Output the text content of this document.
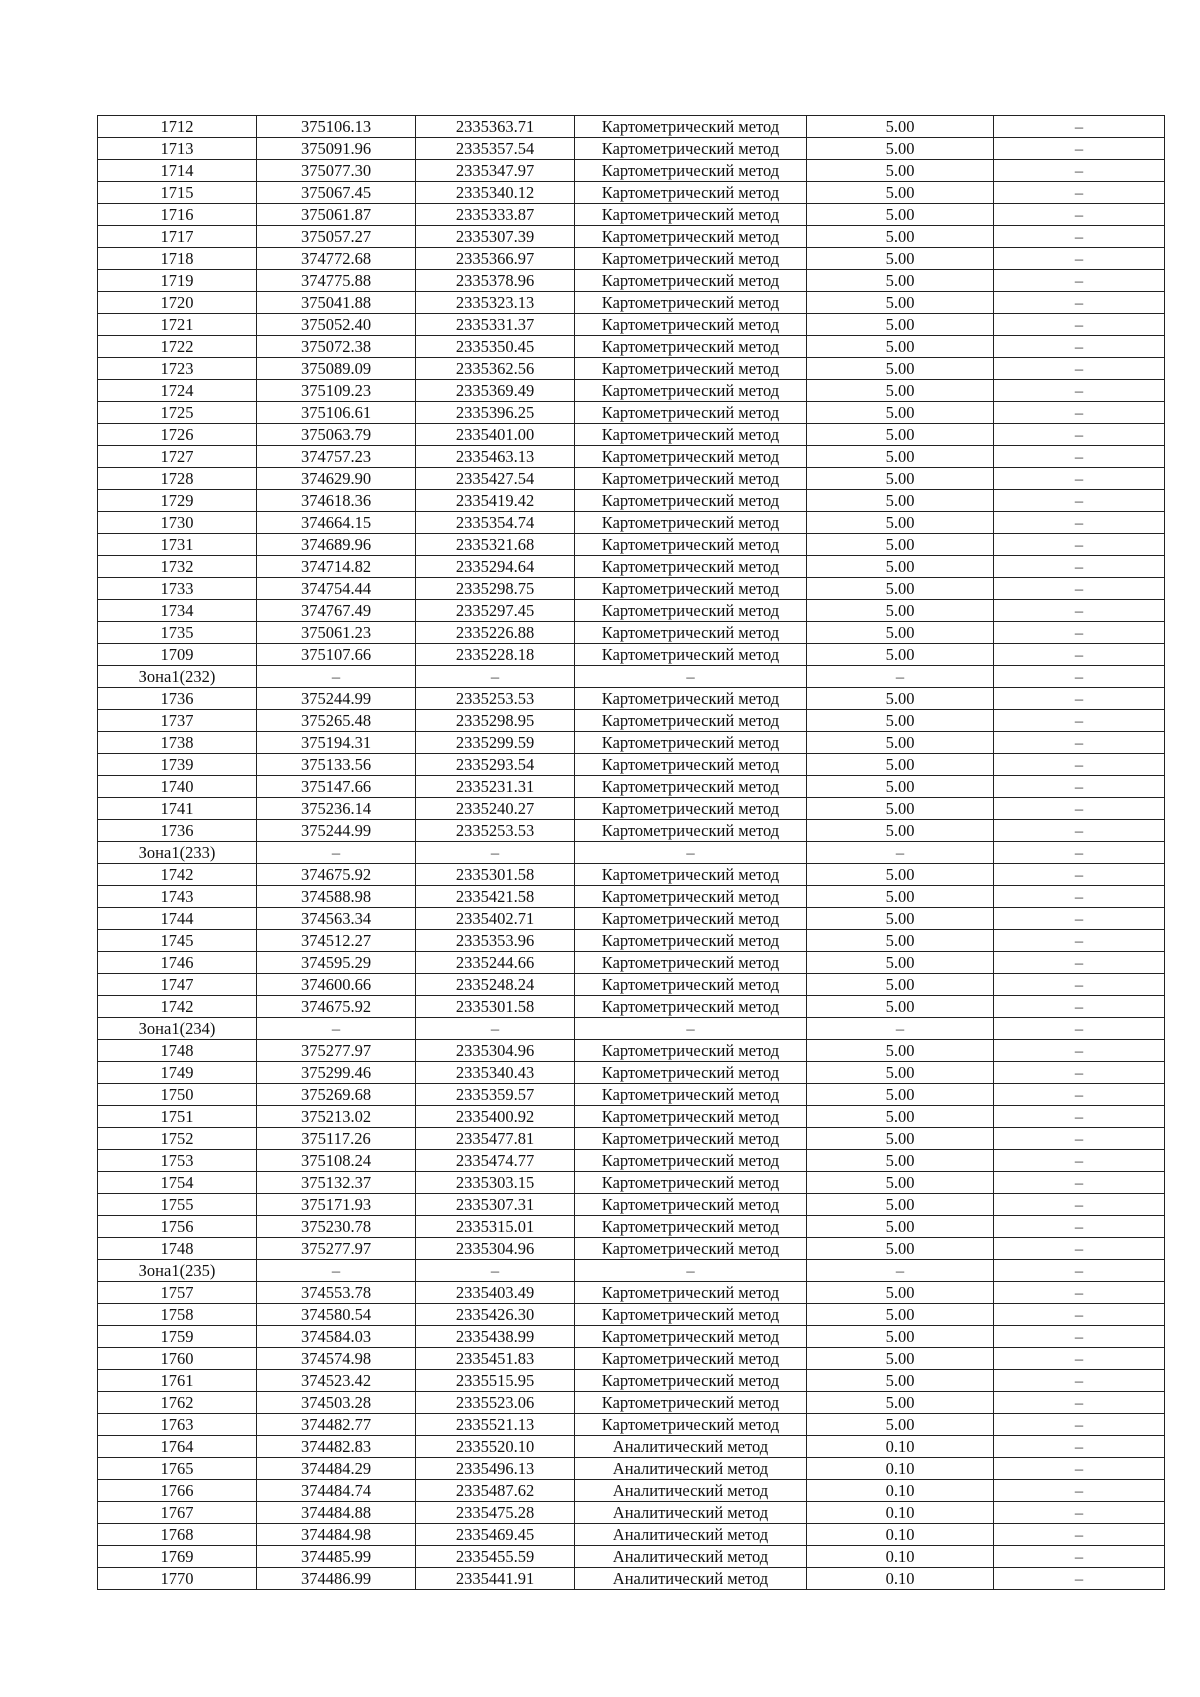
1712	375106.13	2335363.71	Картометрический метод	5.00	–
1713	375091.96	2335357.54	Картометрический метод	5.00	–
1714	375077.30	2335347.97	Картометрический метод	5.00	–
1715	375067.45	2335340.12	Картометрический метод	5.00	–
1716	375061.87	2335333.87	Картометрический метод	5.00	–
1717	375057.27	2335307.39	Картометрический метод	5.00	–
1718	374772.68	2335366.97	Картометрический метод	5.00	–
1719	374775.88	2335378.96	Картометрический метод	5.00	–
1720	375041.88	2335323.13	Картометрический метод	5.00	–
1721	375052.40	2335331.37	Картометрический метод	5.00	–
1722	375072.38	2335350.45	Картометрический метод	5.00	–
1723	375089.09	2335362.56	Картометрический метод	5.00	–
1724	375109.23	2335369.49	Картометрический метод	5.00	–
1725	375106.61	2335396.25	Картометрический метод	5.00	–
1726	375063.79	2335401.00	Картометрический метод	5.00	–
1727	374757.23	2335463.13	Картометрический метод	5.00	–
1728	374629.90	2335427.54	Картометрический метод	5.00	–
1729	374618.36	2335419.42	Картометрический метод	5.00	–
1730	374664.15	2335354.74	Картометрический метод	5.00	–
1731	374689.96	2335321.68	Картометрический метод	5.00	–
1732	374714.82	2335294.64	Картометрический метод	5.00	–
1733	374754.44	2335298.75	Картометрический метод	5.00	–
1734	374767.49	2335297.45	Картометрический метод	5.00	–
1735	375061.23	2335226.88	Картометрический метод	5.00	–
1709	375107.66	2335228.18	Картометрический метод	5.00	–
Зона1(232)	–	–	–	–	–
1736	375244.99	2335253.53	Картометрический метод	5.00	–
1737	375265.48	2335298.95	Картометрический метод	5.00	–
1738	375194.31	2335299.59	Картометрический метод	5.00	–
1739	375133.56	2335293.54	Картометрический метод	5.00	–
1740	375147.66	2335231.31	Картометрический метод	5.00	–
1741	375236.14	2335240.27	Картометрический метод	5.00	–
1736	375244.99	2335253.53	Картометрический метод	5.00	–
Зона1(233)	–	–	–	–	–
1742	374675.92	2335301.58	Картометрический метод	5.00	–
1743	374588.98	2335421.58	Картометрический метод	5.00	–
1744	374563.34	2335402.71	Картометрический метод	5.00	–
1745	374512.27	2335353.96	Картометрический метод	5.00	–
1746	374595.29	2335244.66	Картометрический метод	5.00	–
1747	374600.66	2335248.24	Картометрический метод	5.00	–
1742	374675.92	2335301.58	Картометрический метод	5.00	–
Зона1(234)	–	–	–	–	–
1748	375277.97	2335304.96	Картометрический метод	5.00	–
1749	375299.46	2335340.43	Картометрический метод	5.00	–
1750	375269.68	2335359.57	Картометрический метод	5.00	–
1751	375213.02	2335400.92	Картометрический метод	5.00	–
1752	375117.26	2335477.81	Картометрический метод	5.00	–
1753	375108.24	2335474.77	Картометрический метод	5.00	–
1754	375132.37	2335303.15	Картометрический метод	5.00	–
1755	375171.93	2335307.31	Картометрический метод	5.00	–
1756	375230.78	2335315.01	Картометрический метод	5.00	–
1748	375277.97	2335304.96	Картометрический метод	5.00	–
Зона1(235)	–	–	–	–	–
1757	374553.78	2335403.49	Картометрический метод	5.00	–
1758	374580.54	2335426.30	Картометрический метод	5.00	–
1759	374584.03	2335438.99	Картометрический метод	5.00	–
1760	374574.98	2335451.83	Картометрический метод	5.00	–
1761	374523.42	2335515.95	Картометрический метод	5.00	–
1762	374503.28	2335523.06	Картометрический метод	5.00	–
1763	374482.77	2335521.13	Картометрический метод	5.00	–
1764	374482.83	2335520.10	Аналитический метод	0.10	–
1765	374484.29	2335496.13	Аналитический метод	0.10	–
1766	374484.74	2335487.62	Аналитический метод	0.10	–
1767	374484.88	2335475.28	Аналитический метод	0.10	–
1768	374484.98	2335469.45	Аналитический метод	0.10	–
1769	374485.99	2335455.59	Аналитический метод	0.10	–
1770	374486.99	2335441.91	Аналитический метод	0.10	–
